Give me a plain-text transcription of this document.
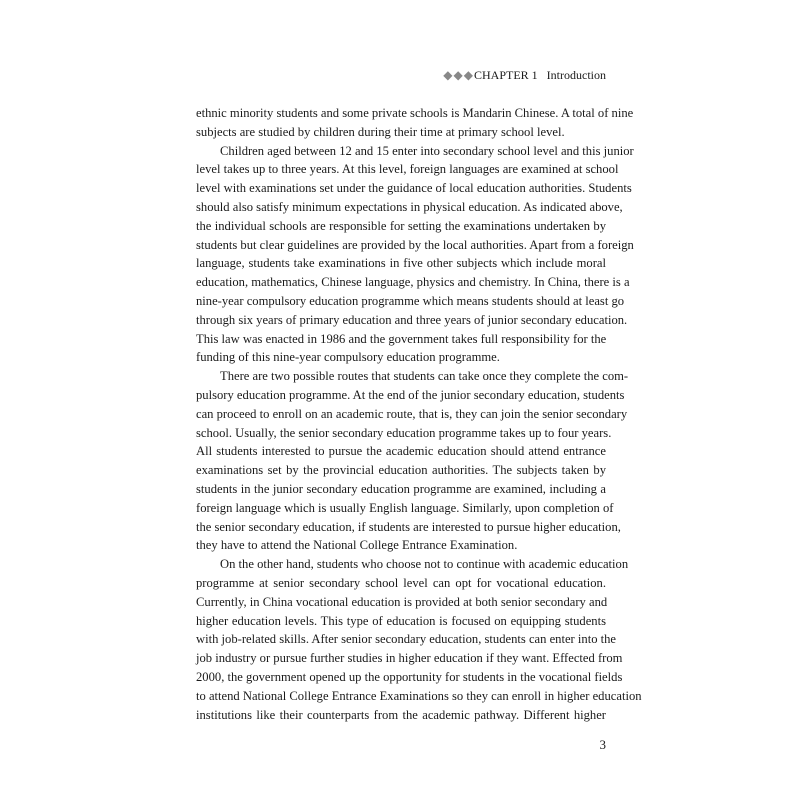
◆◆◆CHAPTER 1 Introduction
ethnic minority students and some private schools is Mandarin Chinese. A total of nine
subjects are studied by children during their time at primary school level.
Children aged between 12 and 15 enter into secondary school level and this junior
level takes up to three years. At this level, foreign languages are examined at school
level with examinations set under the guidance of local education authorities. Students
should also satisfy minimum expectations in physical education. As indicated above,
the individual schools are responsible for setting the examinations undertaken by
students but clear guidelines are provided by the local authorities. Apart from a foreign
language, students take examinations in five other subjects which include moral
education, mathematics, Chinese language, physics and chemistry. In China, there is a
nine-year compulsory education programme which means students should at least go
through six years of primary education and three years of junior secondary education.
This law was enacted in 1986 and the government takes full responsibility for the
funding of this nine-year compulsory education programme.
There are two possible routes that students can take once they complete the com-
pulsory education programme. At the end of the junior secondary education, students
can proceed to enroll on an academic route, that is, they can join the senior secondary
school. Usually, the senior secondary education programme takes up to four years.
All students interested to pursue the academic education should attend entrance
examinations set by the provincial education authorities. The subjects taken by
students in the junior secondary education programme are examined, including a
foreign language which is usually English language. Similarly, upon completion of
the senior secondary education, if students are interested to pursue higher education,
they have to attend the National College Entrance Examination.
On the other hand, students who choose not to continue with academic education
programme at senior secondary school level can opt for vocational education.
Currently, in China vocational education is provided at both senior secondary and
higher education levels. This type of education is focused on equipping students
with job-related skills. After senior secondary education, students can enter into the
job industry or pursue further studies in higher education if they want. Effected from
2000, the government opened up the opportunity for students in the vocational fields
to attend National College Entrance Examinations so they can enroll in higher education
institutions like their counterparts from the academic pathway. Different higher
3
